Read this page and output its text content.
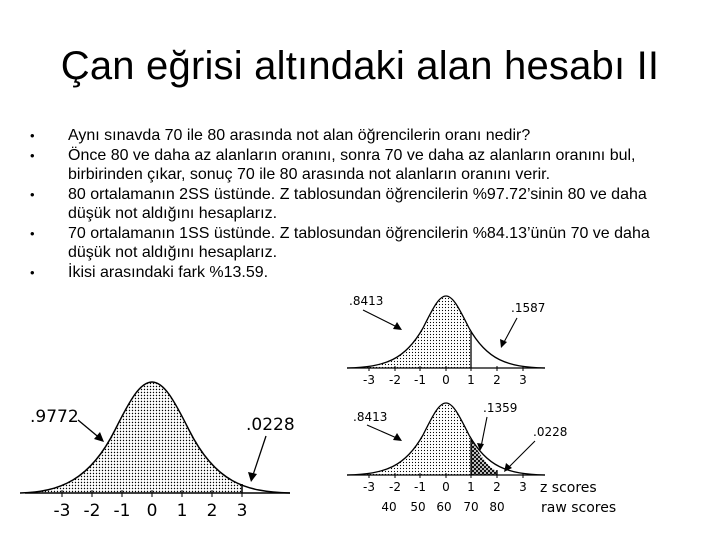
Çan eğrisi altındaki alan hesabı II
• Aynı sınavda 70 ile 80 arasında not alan öğrencilerin oranı nedir?
• Önce 80 ve daha az alanların oranını, sonra 70 ve daha az alanların oranını bul, birbirinden çıkar, sonuç 70 ile 80 arasında not alanların oranını verir.
• 80 ortalamanın 2SS üstünde. Z tablosundan öğrencilerin %97.72’sinin 80 ve daha düşük not aldığını hesaplarız.
• 70 ortalamanın 1SS üstünde. Z tablosundan öğrencilerin %84.13’ünün 70 ve daha düşük not aldığını hesaplarız.
• İkisi arasındaki fark %13.59.
.9772	.0228
-3 -2 -1 0 1 2 3
.8413	.1587
-3 -2 -1 0 1 2 3
.8413
.1359
.0228
-3 -2 -1 0 1 2 3 z scores
40 50 60 70 80	raw scores
